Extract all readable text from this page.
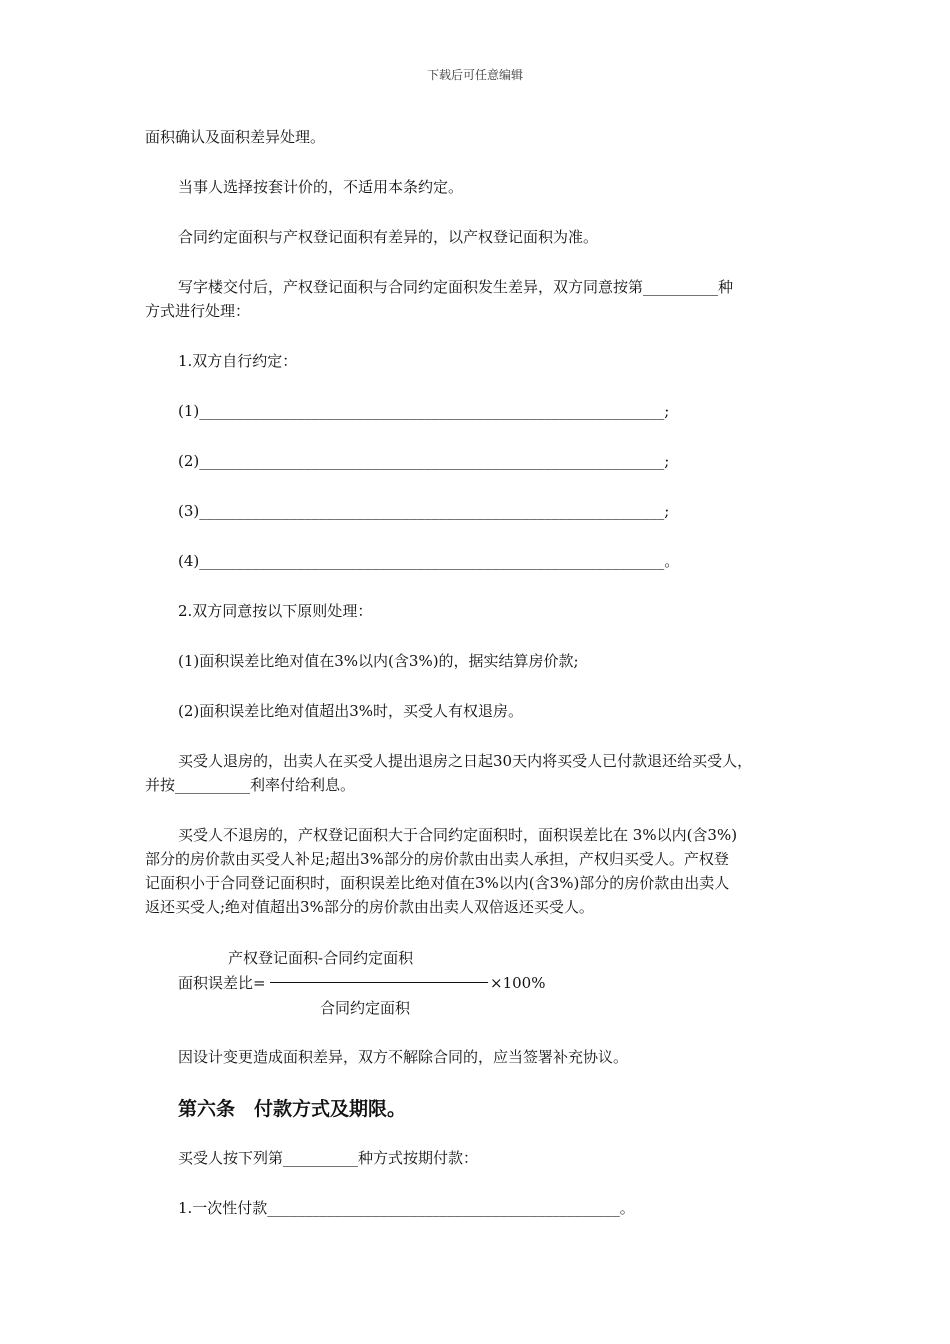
下载后可任意编辑
面积确认及面积差异处理。
当事人选择按套计价的，不适用本条约定。
合同约定面积与产权登记面积有差异的，以产权登记面积为准。
写字楼交付后，产权登记面积与合同约定面积发生差异，双方同意按第__________种
方式进行处理：
1.双方自行约定：
(1)______________________________________________________________;
(2)______________________________________________________________;
(3)______________________________________________________________;
(4)______________________________________________________________。
2.双方同意按以下原则处理：
(1)面积误差比绝对值在3%以内(含3%)的，据实结算房价款;
(2)面积误差比绝对值超出3%时，买受人有权退房。
买受人退房的，出卖人在买受人提出退房之日起30天内将买受人已付款退还给买受人，
并按__________利率付给利息。
买受人不退房的，产权登记面积大于合同约定面积时，面积误差比在 3%以内(含3%)
部分的房价款由买受人补足;超出3%部分的房价款由出卖人承担，产权归买受人。产权登
记面积小于合同登记面积时，面积误差比绝对值在3%以内(含3%)部分的房价款由出卖人
返还买受人;绝对值超出3%部分的房价款由出卖人双倍返还买受人。
产权登记面积-合同约定面积
面积误差比=	×100%
合同约定面积
因设计变更造成面积差异，双方不解除合同的，应当签署补充协议。
第六条　付款方式及期限。
买受人按下列第__________种方式按期付款：
1.一次性付款_______________________________________________。
